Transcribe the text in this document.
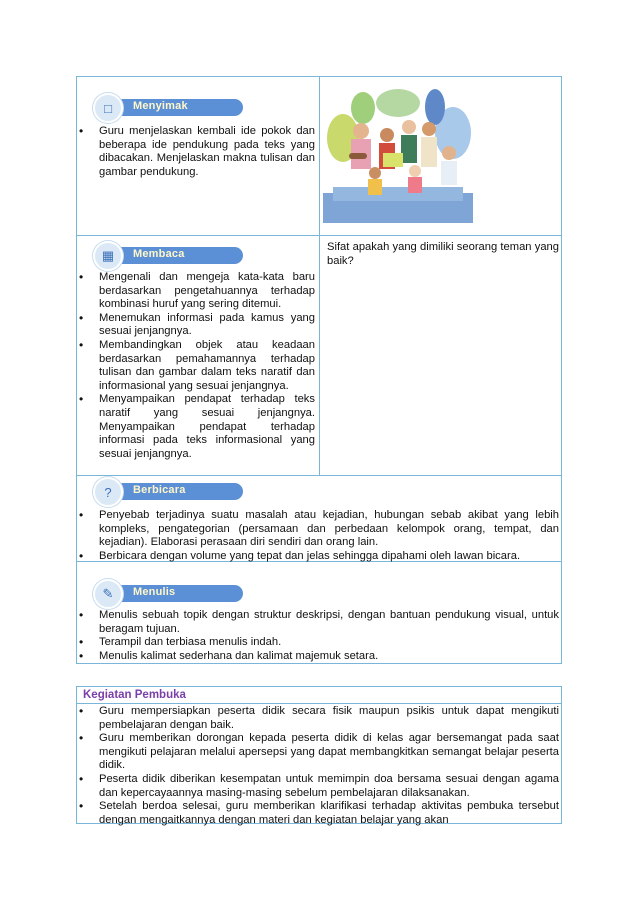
□	Menyimak
• Guru menjelaskan kembali ide pokok dan beberapa ide pendukung pada teks yang dibacakan. Menjelaskan makna tulisan dan gambar pendukung.
▦	Membaca
Sifat apakah yang dimiliki seorang teman yang baik?
• Mengenali dan mengeja kata-kata baru berdasarkan pengetahuannya terhadap kombinasi huruf yang sering ditemui.
• Menemukan informasi pada kamus yang sesuai jenjangnya.
• Membandingkan objek atau keadaan berdasarkan pemahamannya terhadap tulisan dan gambar dalam teks naratif dan informasional yang sesuai jenjangnya.
• Menyampaikan pendapat terhadap teks naratif yang sesuai jenjangnya. Menyampaikan pendapat terhadap informasi pada teks informasional yang sesuai jenjangnya.
?	Berbicara
• Penyebab terjadinya suatu masalah atau kejadian, hubungan sebab akibat yang lebih kompleks, pengategorian (persamaan dan perbedaan kelompok orang, tempat, dan kejadian). Elaborasi perasaan diri sendiri dan orang lain.
• Berbicara dengan volume yang tepat dan jelas sehingga dipahami oleh lawan bicara.
✎	Menulis
• Menulis sebuah topik dengan struktur deskripsi, dengan bantuan pendukung visual, untuk beragam tujuan.
• Terampil dan terbiasa menulis indah.
• Menulis kalimat sederhana dan kalimat majemuk setara.
Kegiatan Pembuka
• Guru mempersiapkan peserta didik secara fisik maupun psikis untuk dapat mengikuti pembelajaran dengan baik.
• Guru memberikan dorongan kepada peserta didik di kelas agar bersemangat pada saat mengikuti pelajaran melalui apersepsi yang dapat membangkitkan semangat belajar peserta didik.
• Peserta didik diberikan kesempatan untuk memimpin doa bersama sesuai dengan agama dan kepercayaannya masing-masing sebelum pembelajaran dilaksanakan.
• Setelah berdoa selesai, guru memberikan klarifikasi terhadap aktivitas pembuka tersebut dengan mengaitkannya dengan materi dan kegiatan belajar yang akan
